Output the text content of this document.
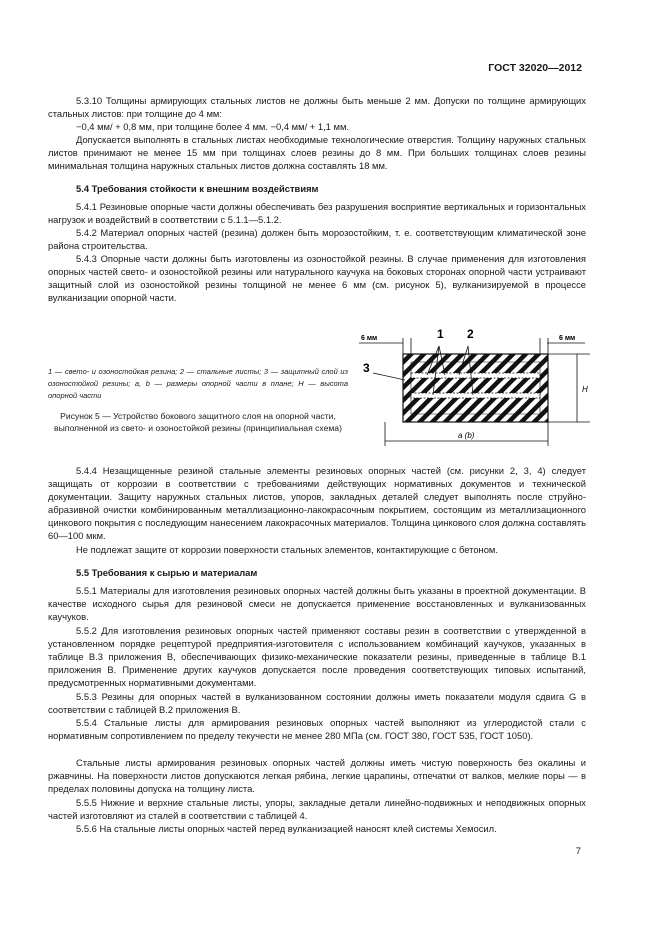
ГОСТ 32020—2012
5.3.10 Толщины армирующих стальных листов не должны быть меньше 2 мм. Допуски по толщине армирующих стальных листов: при толщине до 4 мм:
−0,4 мм/ + 0,8 мм, при толщине более 4 мм. −0,4 мм/ + 1,1 мм.
Допускается выполнять в стальных листах необходимые технологические отверстия. Толщину наружных стальных листов принимают не менее 15 мм при толщинах слоев резины до 8 мм. При больших толщинах слоев резины минимальная толщина наружных стальных листов должна составлять 18 мм.
5.4 Требования стойкости к внешним воздействиям
5.4.1 Резиновые опорные части должны обеспечивать без разрушения восприятие вертикальных и горизонтальных нагрузок и воздействий в соответствии с 5.1.1—5.1.2.
5.4.2 Материал опорных частей (резина) должен быть морозостойким, т. е. соответствующим климатической зоне района строительства.
5.4.3 Опорные части должны быть изготовлены из озоностойкой резины. В случае применения для изготовления опорных частей свето- и озоностойкой резины или натурального каучука на боковых сторонах опорной части устраивают защитный слой из озоностойкой резины толщиной не менее 6 мм (см. рисунок 5), вулканизируемой в процессе вулканизации опорной части.
1 — свето- и озоностойкая резина; 2 — стальные листы; 3 — защитный слой из озоностойкой резины; a, b — размеры опорной части в плане; H — высота опорной части
Рисунок 5 — Устройство бокового защитного слоя на опорной части, выполненной из свето- и озоностойкой резины (принципиальная схема)
6 мм	6 мм
H
a (b)
1 2
3
5.4.4 Незащищенные резиной стальные элементы резиновых опорных частей (см. рисунки 2, 3, 4) следует защищать от коррозии в соответствии с требованиями действующих нормативных документов и технической документации. Защиту наружных стальных листов, упоров, закладных деталей следует выполнять после струйно-абразивной очистки комбинированным металлизационно-лакокрасочным покрытием, состоящим из металлизационного цинкового покрытия с последующим нанесением лакокрасочных материалов. Толщина цинкового слоя должна составлять 60—100 мкм.
Не подлежат защите от коррозии поверхности стальных элементов, контактирующие с бетоном.
5.5 Требования к сырью и материалам
5.5.1 Материалы для изготовления резиновых опорных частей должны быть указаны в проектной документации. В качестве исходного сырья для резиновой смеси не допускается применение восстановленных и вулканизованных каучуков.
5.5.2 Для изготовления резиновых опорных частей применяют составы резин в соответствии с утвержденной в установленном порядке рецептурой предприятия-изготовителя с использованием комбинаций каучуков, указанных в таблице В.3 приложения В, обеспечивающих физико-механические показатели резины, приведенные в таблице В.1 приложения В. Применение других каучуков допускается после проведения соответствующих типовых испытаний, предусмотренных нормативными документами.
5.5.3 Резины для опорных частей в вулканизованном состоянии должны иметь показатели модуля сдвига G в соответствии с таблицей В.2 приложения В.
5.5.4 Стальные листы для армирования резиновых опорных частей выполняют из углеродистой стали с нормативным сопротивлением по пределу текучести не менее 280 МПа (см. ГОСТ 380, ГОСТ 535, ГОСТ 1050).
Стальные листы армирования резиновых опорных частей должны иметь чистую поверхность без окалины и ржавчины. На поверхности листов допускаются легкая рябина, легкие царапины, отпечатки от валков, мелкие поры — в пределах половины допуска на толщину листа.
5.5.5 Нижние и верхние стальные листы, упоры, закладные детали линейно-подвижных и неподвижных опорных частей изготовляют из сталей в соответствии с таблицей 4.
5.5.6 На стальные листы опорных частей перед вулканизацией наносят клей системы Хемосил.
7
